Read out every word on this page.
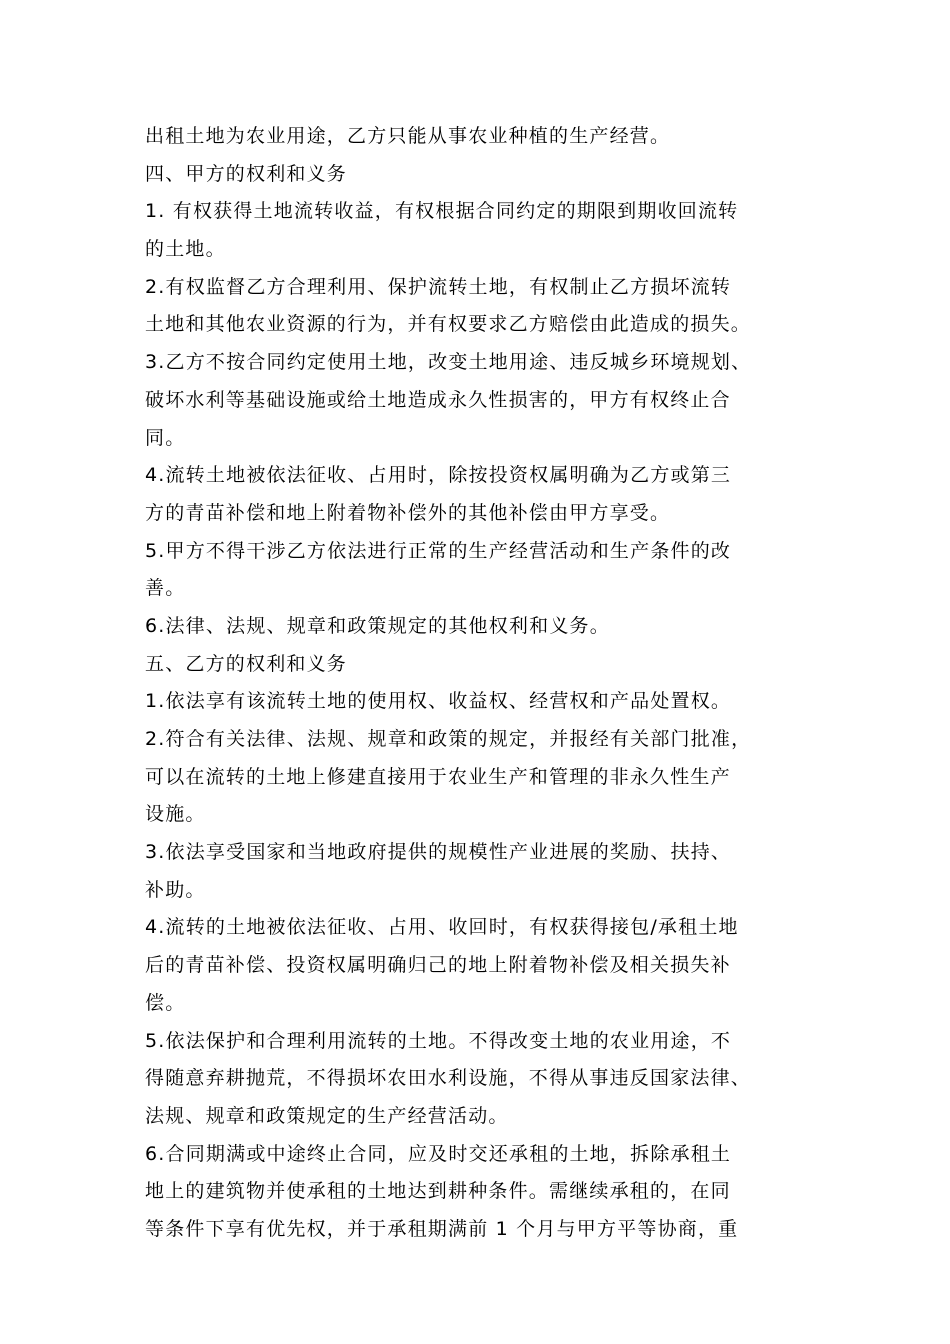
出租土地为农业用途，乙方只能从事农业种植的生产经营。
四、甲方的权利和义务
1. 有权获得土地流转收益，有权根据合同约定的期限到期收回流转
的土地。
2.有权监督乙方合理利用、保护流转土地，有权制止乙方损坏流转
土地和其他农业资源的行为，并有权要求乙方赔偿由此造成的损失。
3.乙方不按合同约定使用土地，改变土地用途、违反城乡环境规划、
破坏水利等基础设施或给土地造成永久性损害的，甲方有权终止合
同。
4.流转土地被依法征收、占用时，除按投资权属明确为乙方或第三
方的青苗补偿和地上附着物补偿外的其他补偿由甲方享受。
5.甲方不得干涉乙方依法进行正常的生产经营活动和生产条件的改
善。
6.法律、法规、规章和政策规定的其他权利和义务。
五、乙方的权利和义务
1.依法享有该流转土地的使用权、收益权、经营权和产品处置权。
2.符合有关法律、法规、规章和政策的规定，并报经有关部门批准，
可以在流转的土地上修建直接用于农业生产和管理的非永久性生产
设施。
3.依法享受国家和当地政府提供的规模性产业进展的奖励、扶持、
补助。
4.流转的土地被依法征收、占用、收回时，有权获得接包/承租土地
后的青苗补偿、投资权属明确归己的地上附着物补偿及相关损失补
偿。
5.依法保护和合理利用流转的土地。不得改变土地的农业用途，不
得随意弃耕抛荒，不得损坏农田水利设施，不得从事违反国家法律、
法规、规章和政策规定的生产经营活动。
6.合同期满或中途终止合同，应及时交还承租的土地，拆除承租土
地上的建筑物并使承租的土地达到耕种条件。需继续承租的，在同
等条件下享有优先权，并于承租期满前 1 个月与甲方平等协商，重
